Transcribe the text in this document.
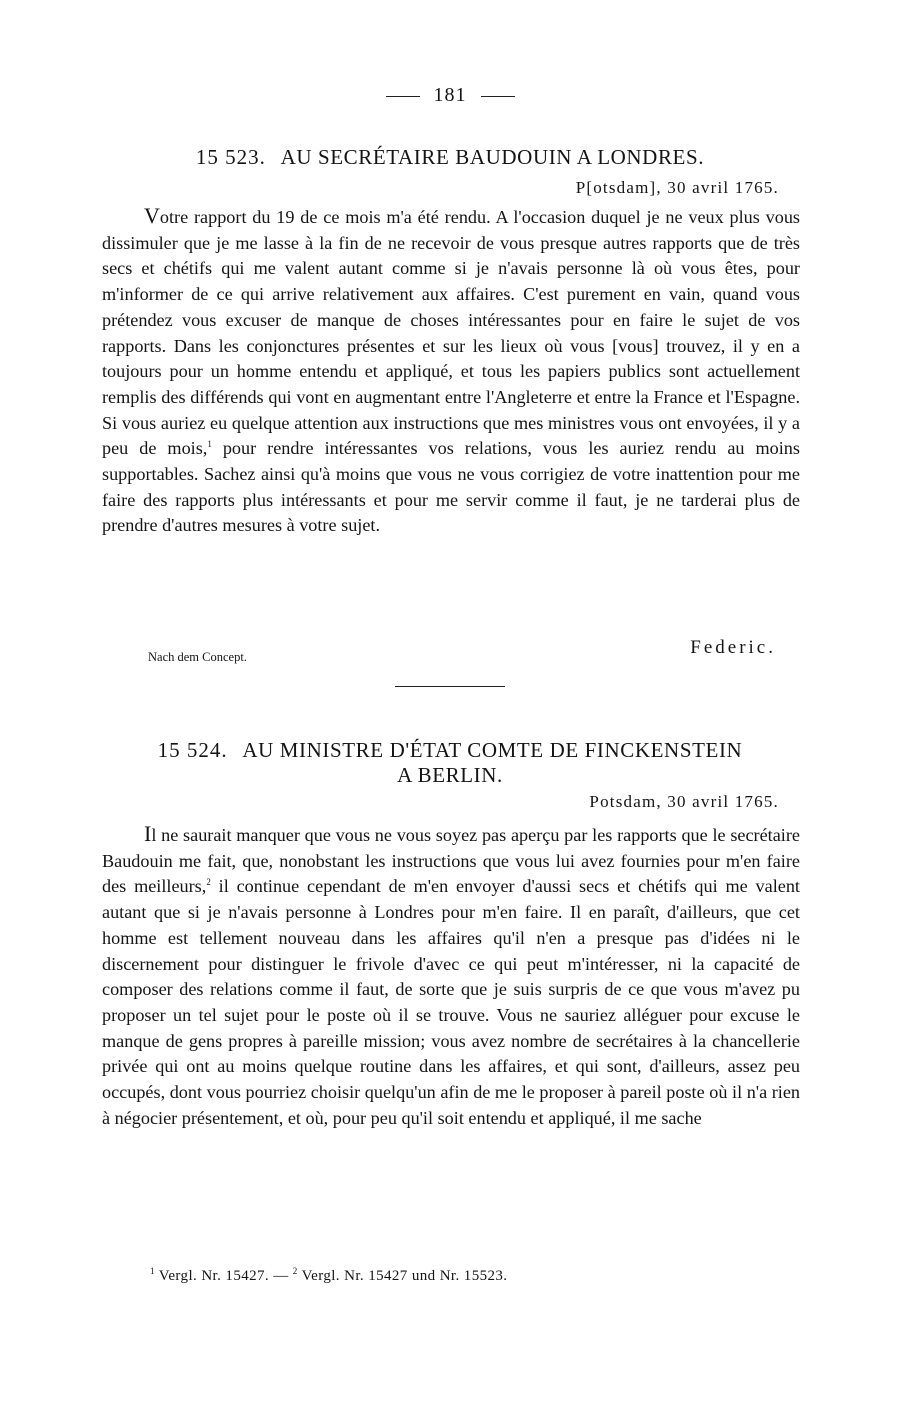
181
15 523. AU SECRÉTAIRE BAUDOUIN A LONDRES.
P[otsdam], 30 avril 1765.

Votre rapport du 19 de ce mois m'a été rendu. A l'occasion duquel je ne veux plus vous dissimuler que je me lasse à la fin de ne recevoir de vous presque autres rapports que de très secs et chétifs qui me valent autant comme si je n'avais personne là où vous êtes, pour m'informer de ce qui arrive relativement aux affaires. C'est purement en vain, quand vous prétendez vous excuser de manque de choses intéressantes pour en faire le sujet de vos rapports. Dans les conjonctures présentes et sur les lieux où vous [vous] trouvez, il y en a toujours pour un homme entendu et appliqué, et tous les papiers publics sont actuellement remplis des différends qui vont en augmentant entre l'Angleterre et entre la France et l'Espagne. Si vous auriez eu quelque attention aux instructions que mes ministres vous ont envoyées, il y a peu de mois,$^1$ pour rendre intéressantes vos relations, vous les auriez rendu au moins supportables. Sachez ainsi qu'à moins que vous ne vous corrigiez de votre inattention pour me faire des rapports plus intéressants et pour me servir comme il faut, je ne tarderai plus de prendre d'autres mesures à votre sujet.

Nach dem Concept.	Federic.
15 524. AU MINISTRE D'ÉTAT COMTE DE FINCKENSTEIN
A BERLIN.
Potsdam, 30 avril 1765.

Il ne saurait manquer que vous ne vous soyez pas aperçu par les rapports que le secrétaire Baudouin me fait, que, nonobstant les instructions que vous lui avez fournies pour m'en faire des meilleurs,$^2$ il continue cependant de m'en envoyer d'aussi secs et chétifs qui me valent autant que si je n'avais personne à Londres pour m'en faire. Il en paraît, d'ailleurs, que cet homme est tellement nouveau dans les affaires qu'il n'en a presque pas d'idées ni le discernement pour distinguer le frivole d'avec ce qui peut m'intéresser, ni la capacité de composer des relations comme il faut, de sorte que je suis surpris de ce que vous m'avez pu proposer un tel sujet pour le poste où il se trouve. Vous ne sauriez alléguer pour excuse le manque de gens propres à pareille mission; vous avez nombre de secrétaires à la chancellerie privée qui ont au moins quelque routine dans les affaires, et qui sont, d'ailleurs, assez peu occupés, dont vous pourriez choisir quelqu'un afin de me le proposer à pareil poste où il n'a rien à négocier présentement, et où, pour peu qu'il soit entendu et appliqué, il me sache

$^1$ Vergl. Nr. 15427. — $^2$ Vergl. Nr. 15427 und Nr. 15523.
